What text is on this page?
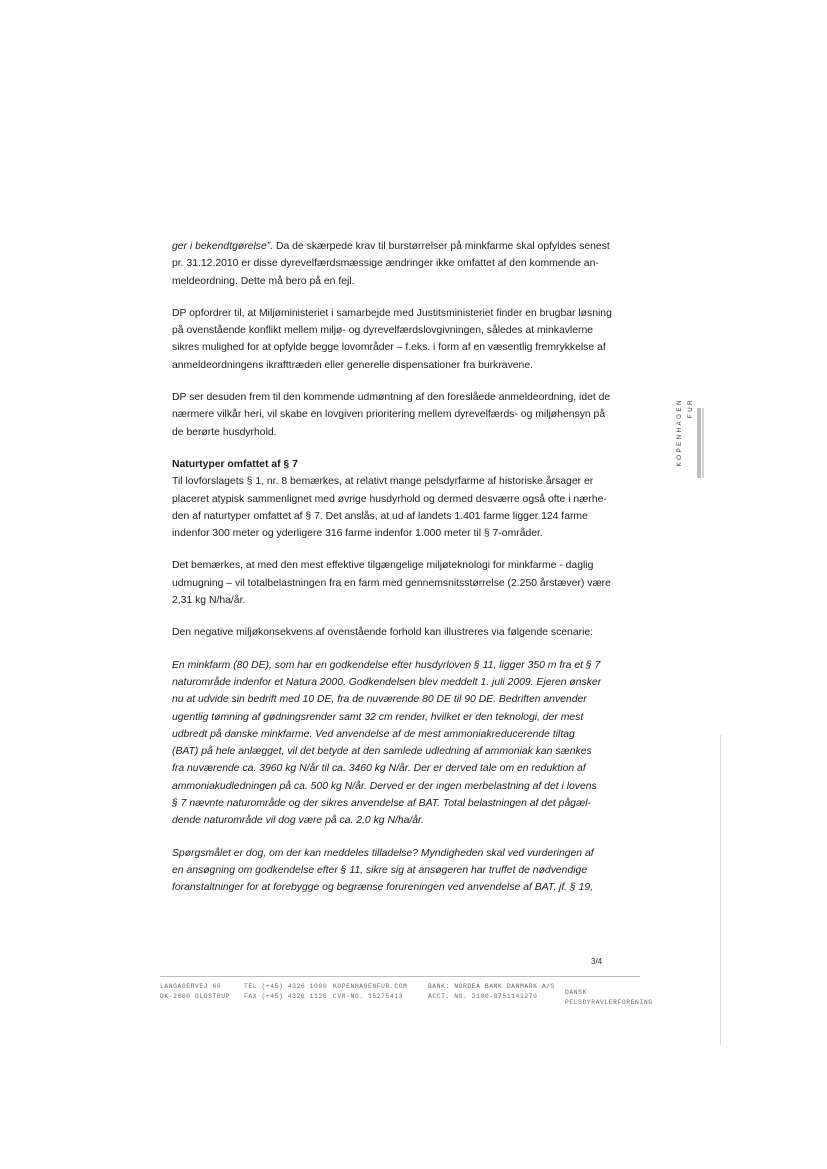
ger i bekendtgørelse”. Da de skærpede krav til burstørrelser på minkfarme skal opfyldes senest

pr. 31.12.2010 er disse dyrevelfærdsmæssige ændringer ikke omfattet af den kommende an-

meldeordning. Dette må bero på en fejl.

DP opfordrer til, at Miljøministeriet i samarbejde med Justitsministeriet finder en brugbar løsning

på ovenstående konflikt mellem miljø- og dyrevelfærdslovgivningen, således at minkavlerne

sikres mulighed for at opfylde begge lovområder – f.eks. i form af en væsentlig fremrykkelse af

anmeldeordningens ikrafttræden eller generelle dispensationer fra burkravene.

DP ser desuden frem til den kommende udmøntning af den foreslåede anmeldeordning, idet de

nærmere vilkår heri, vil skabe en lovgiven prioritering mellem dyrevelfærds- og miljøhensyn på

de berørte husdyrhold.

Naturtyper omfattet af § 7

Til lovforslagets § 1, nr. 8 bemærkes, at relativt mange pelsdyrfarme af historiske årsager er

placeret atypisk sammenlignet med øvrige husdyrhold og dermed desværre også ofte i nærhe-

den af naturtyper omfattet af § 7. Det anslås, at ud af landets 1.401 farme ligger 124 farme

indenfor 300 meter og yderligere 316 farme indenfor 1.000 meter til § 7-områder.

Det bemærkes, at med den mest effektive tilgængelige miljøteknologi for minkfarme - daglig

udmugning – vil totalbelastningen fra en farm med gennemsnitsstørrelse (2.250 årstæver) være

2,31 kg N/ha/år.

Den negative miljøkonsekvens af ovenstående forhold kan illustreres via følgende scenarie:

En minkfarm (80 DE), som har en godkendelse efter husdyrloven § 11, ligger 350 m fra et § 7

naturområde indenfor et Natura 2000. Godkendelsen blev meddelt 1. juli 2009. Ejeren ønsker

nu at udvide sin bedrift med 10 DE, fra de nuværende 80 DE til 90 DE. Bedriften anvender

ugentlig tømning af gødningsrender samt 32 cm render, hvilket er den teknologi, der mest

udbredt på danske minkfarme. Ved anvendelse af de mest ammoniakreducerende tiltag

(BAT) på hele anlægget, vil det betyde at den samlede udledning af ammoniak kan sænkes

fra nuværende ca. 3960 kg N/år til ca. 3460 kg N/år. Der er derved tale om en reduktion af

ammoniakudledningen på ca. 500 kg N/år. Derved er der ingen merbelastning af det i lovens

§ 7 nævnte naturområde og der sikres anvendelse af BAT. Total belastningen af det pågæl-

dende naturområde vil dog være på ca. 2,0 kg N/ha/år.

Spørgsmålet er dog, om der kan meddeles tilladelse? Myndigheden skal ved vurderingen af

en ansøgning om godkendelse efter § 11, sikre sig at ansøgeren har truffet de nødvendige

foranstaltninger for at forebygge og begrænse forureningen ved anvendelse af BAT, jf. § 19,

KOPENHAGEN FUR
3/4
LANGAGERVEJ 60
DK-2600 GLOSTRUP
TEL (+45) 4326 1000
FAX (+45) 4326 1126
KOPENHAGENFUR.COM
CVR-NO. 15275413
BANK: NORDEA BANK DANMARK A/S
ACCT. NO. 2100-0751141270	DANSK
PELSDYRAVLERFORENING
